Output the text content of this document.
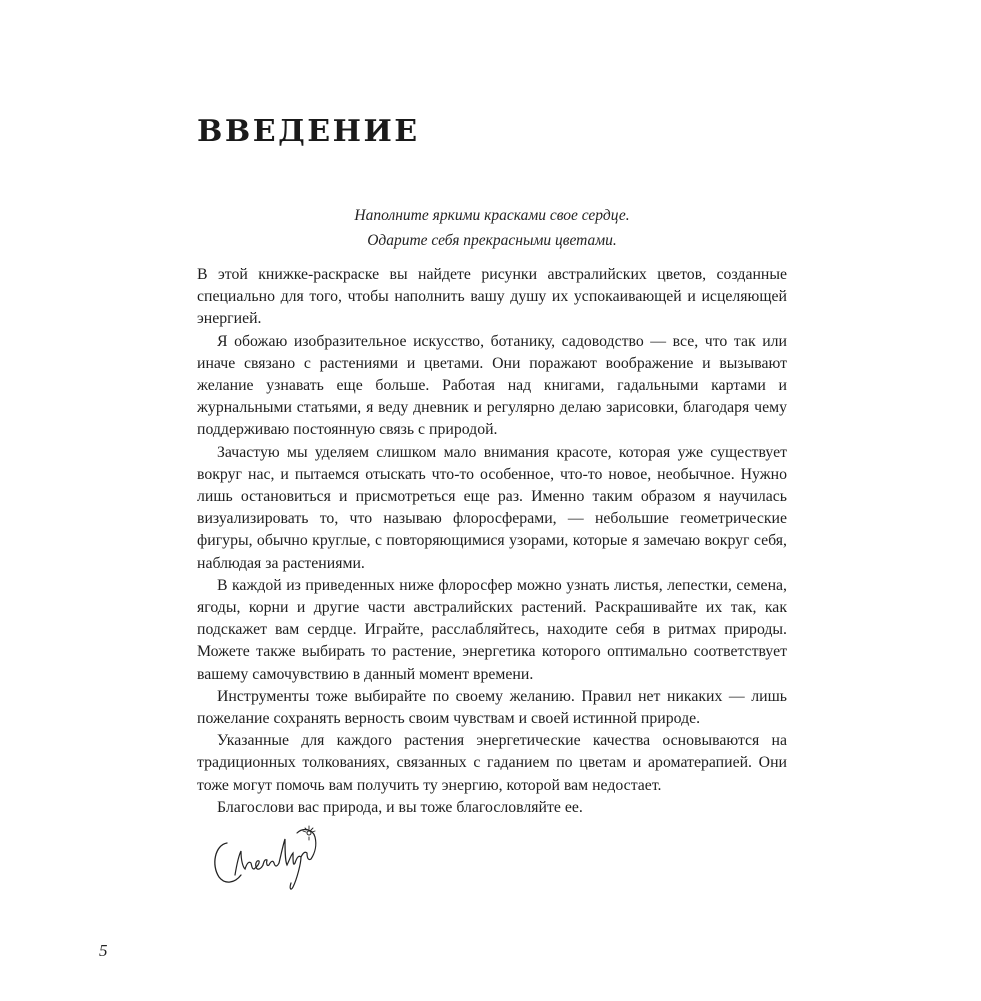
ВВЕДЕНИЕ
Наполните яркими красками свое сердце.
Одарите себя прекрасными цветами.

В этой книжке-раскраске вы найдете рисунки австралийских цветов, созданные специально для того, чтобы наполнить вашу душу их успокаивающей и исцеляющей энергией.

Я обожаю изобразительное искусство, ботанику, садоводство — все, что так или иначе связано с растениями и цветами. Они поражают воображение и вызывают желание узнавать еще больше. Работая над книгами, гадальными картами и журнальными статьями, я веду дневник и регулярно делаю зарисовки, благодаря чему поддерживаю постоянную связь с природой.

Зачастую мы уделяем слишком мало внимания красоте, которая уже существует вокруг нас, и пытаемся отыскать что-то особенное, что-то новое, необычное. Нужно лишь остановиться и присмотреться еще раз. Именно таким образом я научилась визуализировать то, что называю флоросферами, — небольшие геометрические фигуры, обычно круглые, с повторяющимися узорами, которые я замечаю вокруг себя, наблюдая за растениями.

В каждой из приведенных ниже флоросфер можно узнать листья, лепестки, семена, ягоды, корни и другие части австралийских растений. Раскрашивайте их так, как подскажет вам сердце. Играйте, расслабляйтесь, находите себя в ритмах природы. Можете также выбирать то растение, энергетика которого оптимально соответствует вашему самочувствию в данный момент времени.

Инструменты тоже выбирайте по своему желанию. Правил нет никаких — лишь пожелание сохранять верность своим чувствам и своей истинной природе.

Указанные для каждого растения энергетические качества основываются на традиционных толкованиях, связанных с гаданием по цветам и ароматерапией. Они тоже могут помочь вам получить ту энергию, которой вам недостает.

Благослови вас природа, и вы тоже благословляйте ее.

5
